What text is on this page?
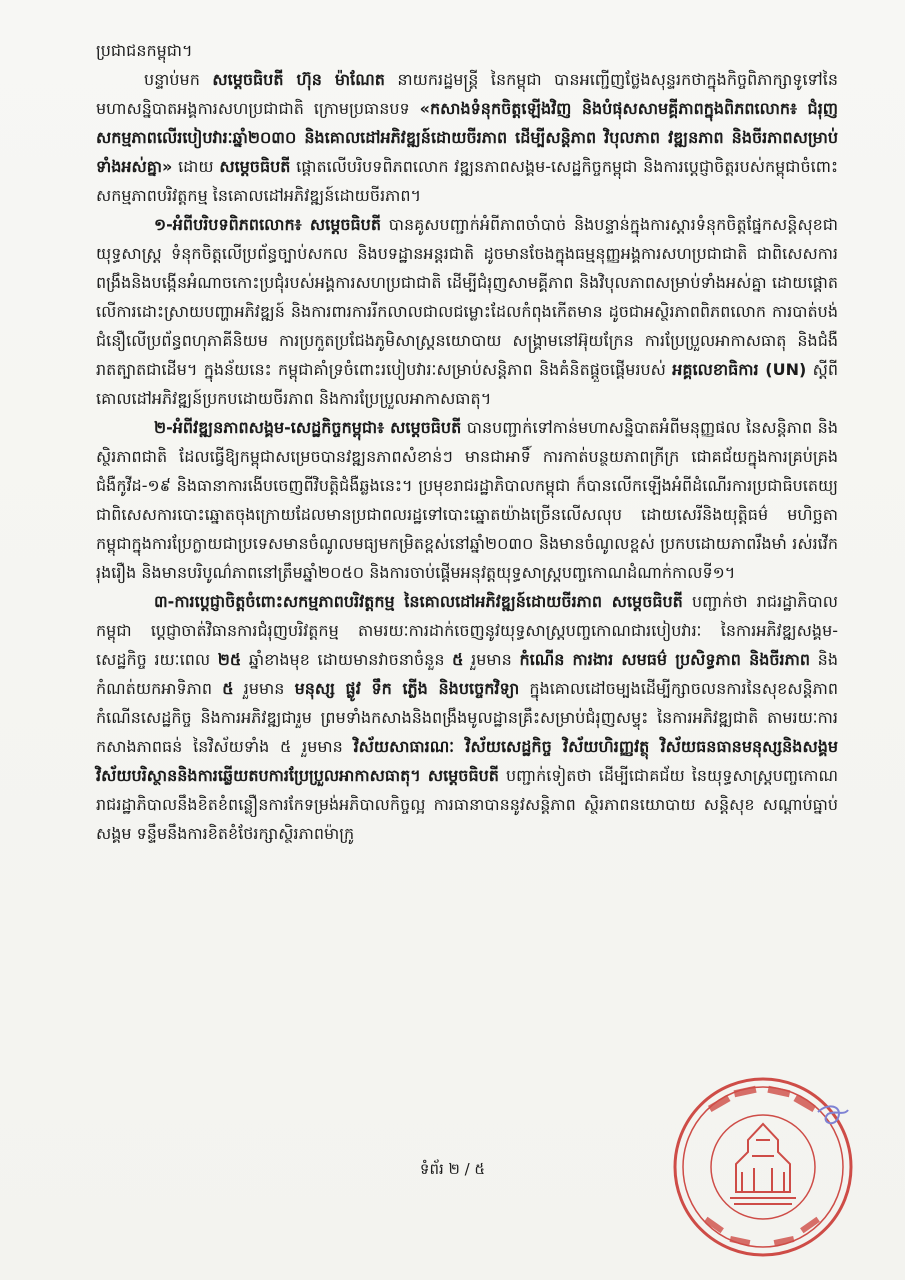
ប្រជាជនកម្ពុជា។

បន្ទាប់មក សម្ដេចធិបតី ហ៊ុន ម៉ាណែត នាយករដ្ឋមន្ដ្រី នៃកម្ពុជា បានអញ្ជើញថ្លែងសុន្ទរកថាក្នុងកិច្ចពិភាក្សាទូទៅនៃមហាសន្និបាតអង្គការសហប្រជាជាតិ ក្រោមប្រធានបទ «កសាងទំនុកចិត្តឡើងវិញ និងបំផុសសាមគ្គីភាពក្នុងពិភពលោក៖ ជំរុញសកម្មភាពលើរបៀបវារៈឆ្នាំ២០៣០ និងគោលដៅអភិវឌ្ឍន៍ដោយចីរភាព ដើម្បីសន្តិភាព វិបុលភាព វឌ្ឍនភាព និងចីរភាពសម្រាប់ទាំងអស់គ្នា» ដោយ សម្ដេចធិបតី ផ្ដោតលើបរិបទពិភពលោក វឌ្ឍនភាពសង្គម-សេដ្ឋកិច្ចកម្ពុជា និងការប្ដេជ្ញាចិត្តរបស់កម្ពុជាចំពោះសកម្មភាពបរិវត្តកម្ម នៃគោលដៅអភិវឌ្ឍន៍ដោយចីរភាព។

១-អំពីបរិបទពិភពលោក៖ សម្ដេចធិបតី បានគូសបញ្ជាក់អំពីភាពចាំបាច់ និងបន្ទាន់ក្នុងការស្ដារទំនុកចិត្តផ្នែកសន្តិសុខជាយុទ្ធសាស្ត្រ ទំនុកចិត្តលើប្រព័ន្ធច្បាប់សកល និងបទដ្ឋានអន្តរជាតិ ដូចមានចែងក្នុងធម្មនុញ្ញអង្គការសហប្រជាជាតិ ជាពិសេសការពង្រឹងនិងបង្កើនអំណាចកោះប្រជុំរបស់អង្គការសហប្រជាជាតិ ដើម្បីជំរុញសាមគ្គីភាព និងវិបុលភាពសម្រាប់ទាំងអស់គ្នា ដោយផ្ដោតលើការដោះស្រាយបញ្ហាអភិវឌ្ឍន៍ និងការពារការរីកលាលជាលជម្លោះដែលកំពុងកើតមាន ដូចជាអស្ថិរភាពពិភពលោក ការបាត់បង់ជំនឿលើប្រព័ន្ធពហុភាគីនិយម ការប្រកួតប្រជែងភូមិសាស្ត្រនយោបាយ សង្គ្រាមនៅអ៊ុយក្រែន ការប្រែប្រួលអាកាសធាតុ និងជំងឺរាតត្បាតជាដើម។ ក្នុងន័យនេះ កម្ពុជាគាំទ្រចំពោះរបៀបវារៈសម្រាប់សន្តិភាព និងគំនិតផ្តួចផ្តើមរបស់ អគ្គលេខាធិការ (UN) ស្ដីពីគោលដៅអភិវឌ្ឍន៍ប្រកបដោយចីរភាព និងការប្រែប្រួលអាកាសធាតុ។

២-អំពីវឌ្ឍនភាពសង្គម-សេដ្ឋកិច្ចកម្ពុជា៖ សម្ដេចធិបតី បានបញ្ជាក់ទៅកាន់មហាសន្និបាតអំពីមនុញ្ញផល នៃសន្តិភាព និងស្ថិរភាពជាតិ ដែលធ្វើឱ្យកម្ពុជាសម្រេចបានវឌ្ឍនភាពសំខាន់ៗ មានជាអាទិ៍ ការកាត់បន្ថយភាពក្រីក្រ ជោគជ័យក្នុងការគ្រប់គ្រងជំងឺកូវីដ-១៩ និងធានាការងើបចេញពីវិបត្តិជំងឺឆ្លងនេះ។ ប្រមុខរាជរដ្ឋាភិបាលកម្ពុជា ក៏បានលើកឡើងអំពីដំណើរការប្រជាធិបតេយ្យ ជាពិសេសការបោះឆ្នោតចុងក្រោយដែលមានប្រជាពលរដ្ឋទៅបោះឆ្នោតយ៉ាងច្រើនលើសលុប ដោយសេរីនិងយុត្តិធម៌ មហិច្ឆតាកម្ពុជាក្នុងការប្រែក្លាយជាប្រទេសមានចំណូលមធ្យមកម្រិតខ្ពស់នៅឆ្នាំ២០៣០ និងមានចំណូលខ្ពស់ ប្រកបដោយភាពរឹងមាំ រស់រវើក រុងរឿង និងមានបរិបូណ៌ភាពនៅត្រឹមឆ្នាំ២០៥០ និងការចាប់ផ្ដើមអនុវត្តយុទ្ធសាស្ត្របញ្ចកោណដំណាក់កាលទី១។

៣-ការប្ដេជ្ញាចិត្តចំពោះសកម្មភាពបរិវត្តកម្ម នៃគោលដៅអភិវឌ្ឍន៍ដោយចីរភាព សម្ដេចធិបតី បញ្ជាក់ថា រាជរដ្ឋាភិបាលកម្ពុជា ប្ដេជ្ញាចាត់វិធានការជំរុញបរិវត្តកម្ម តាមរយៈការដាក់ចេញនូវយុទ្ធសាស្ត្របញ្ចកោណជារបៀបវារៈ នៃការអភិវឌ្ឍសង្គម-សេដ្ឋកិច្ច រយៈពេល ២៥ ឆ្នាំខាងមុខ ដោយមានវាចនាចំនួន ៥ រួមមាន កំណើន ការងារ សមធម៌ ប្រសិទ្ធភាព និងចីរភាព និងកំណត់យកអាទិភាព ៥ រួមមាន មនុស្ស ផ្លូវ ទឹក ភ្លើង និងបច្ចេកវិទ្យា ក្នុងគោលដៅចម្បងដើម្បីក្សាចលនការនៃសុខសន្តិភាព កំណើនសេដ្ឋកិច្ច និងការអភិវឌ្ឍជារួម ព្រមទាំងកសាងនិងពង្រឹងមូលដ្ឋានគ្រឹះសម្រាប់ជំរុញសម្ទុះ នៃការអភិវឌ្ឍជាតិ តាមរយៈការកសាងភាពធន់ នៃវិស័យទាំង ៥ រួមមាន វិស័យសាធារណៈ វិស័យសេដ្ឋកិច្ច វិស័យហិរញ្ញវត្ថុ វិស័យធនធានមនុស្សនិងសង្គម វិស័យបរិស្ថាននិងការឆ្លើយតបការប្រែប្រួលអាកាសធាតុ។ សម្ដេចធិបតី បញ្ជាក់ទៀតថា ដើម្បីជោគជ័យ នៃយុទ្ធសាស្ត្របញ្ចកោណ រាជរដ្ឋាភិបាលនឹងខិតខំពន្លឿនការកែទម្រង់អភិបាលកិច្ចល្អ ការធានាបាននូវសន្តិភាព ស្ថិរភាពនយោបាយ សន្តិសុខ សណ្ដាប់ធ្នាប់សង្គម ទន្ទឹមនឹងការខិតខំថែរក្សាស្ថិរភាពម៉ាក្រូ

ទំព័រ ២ / ៥
